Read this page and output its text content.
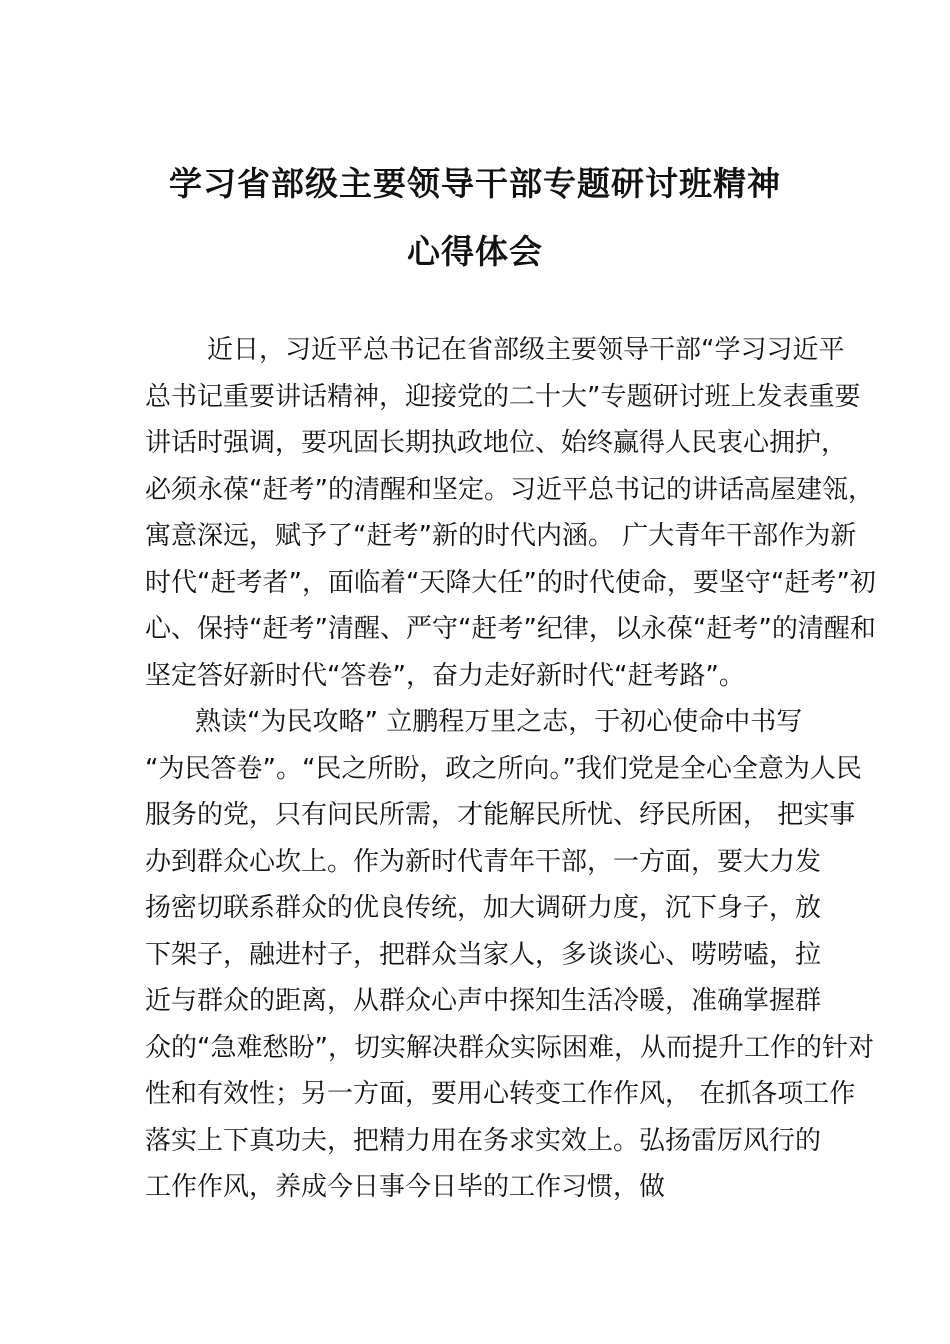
学习省部级主要领导干部专题研讨班精神
心得体会
近日，习近平总书记在省部级主要领导干部“学习习近平
总书记重要讲话精神，迎接党的二十大”专题研讨班上发表重要
讲话时强调，要巩固长期执政地位、始终赢得人民衷心拥护，
必须永葆“赶考”的清醒和坚定。习近平总书记的讲话高屋建瓴，
寓意深远，赋予了“赶考”新的时代内涵。 广大青年干部作为新
时代“赶考者”，面临着“天降大任”的时代使命，要坚守“赶考”初
心、保持“赶考”清醒、严守“赶考”纪律，以永葆“赶考”的清醒和
坚定答好新时代“答卷”，奋力走好新时代“赶考路”。
熟读“为民攻略” 立鹏程万里之志，于初心使命中书写
“为民答卷”。“民之所盼，政之所向。”我们党是全心全意为人民
服务的党，只有问民所需，才能解民所忧、纾民所困， 把实事
办到群众心坎上。作为新时代青年干部，一方面，要大力发
扬密切联系群众的优良传统，加大调研力度，沉下身子，放
下架子，融进村子，把群众当家人，多谈谈心、唠唠嗑，拉
近与群众的距离，从群众心声中探知生活冷暖，准确掌握群
众的“急难愁盼”，切实解决群众实际困难，从而提升工作的针对
性和有效性；另一方面，要用心转变工作作风， 在抓各项工作
落实上下真功夫，把精力用在务求实效上。弘扬雷厉风行的
工作作风，养成今日事今日毕的工作习惯，做
